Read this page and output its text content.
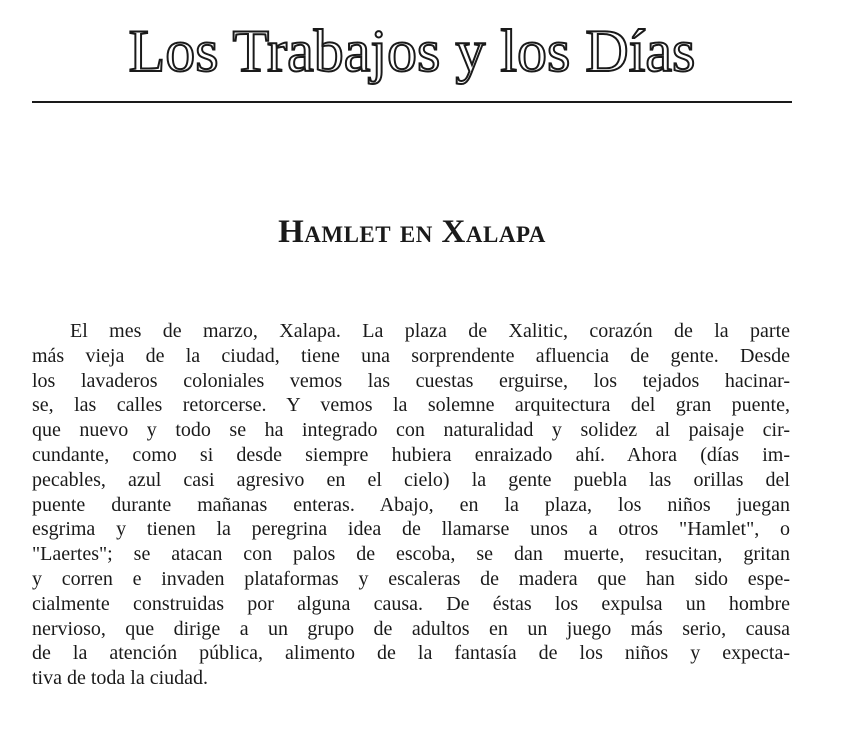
Los Trabajos y los Días
Hamlet en Xalapa
El mes de marzo, Xalapa. La plaza de Xalitic, corazón de la parte
más vieja de la ciudad, tiene una sorprendente afluencia de gente. Desde
los lavaderos coloniales vemos las cuestas erguirse, los tejados hacinar-
se, las calles retorcerse. Y vemos la solemne arquitectura del gran puente,
que nuevo y todo se ha integrado con naturalidad y solidez al paisaje cir-
cundante, como si desde siempre hubiera enraizado ahí. Ahora (días im-
pecables, azul casi agresivo en el cielo) la gente puebla las orillas del
puente durante mañanas enteras. Abajo, en la plaza, los niños juegan
esgrima y tienen la peregrina idea de llamarse unos a otros "Hamlet", o
"Laertes"; se atacan con palos de escoba, se dan muerte, resucitan, gritan
y corren e invaden plataformas y escaleras de madera que han sido espe-
cialmente construidas por alguna causa. De éstas los expulsa un hombre
nervioso, que dirige a un grupo de adultos en un juego más serio, causa
de la atención pública, alimento de la fantasía de los niños y expecta-
tiva de toda la ciudad.
